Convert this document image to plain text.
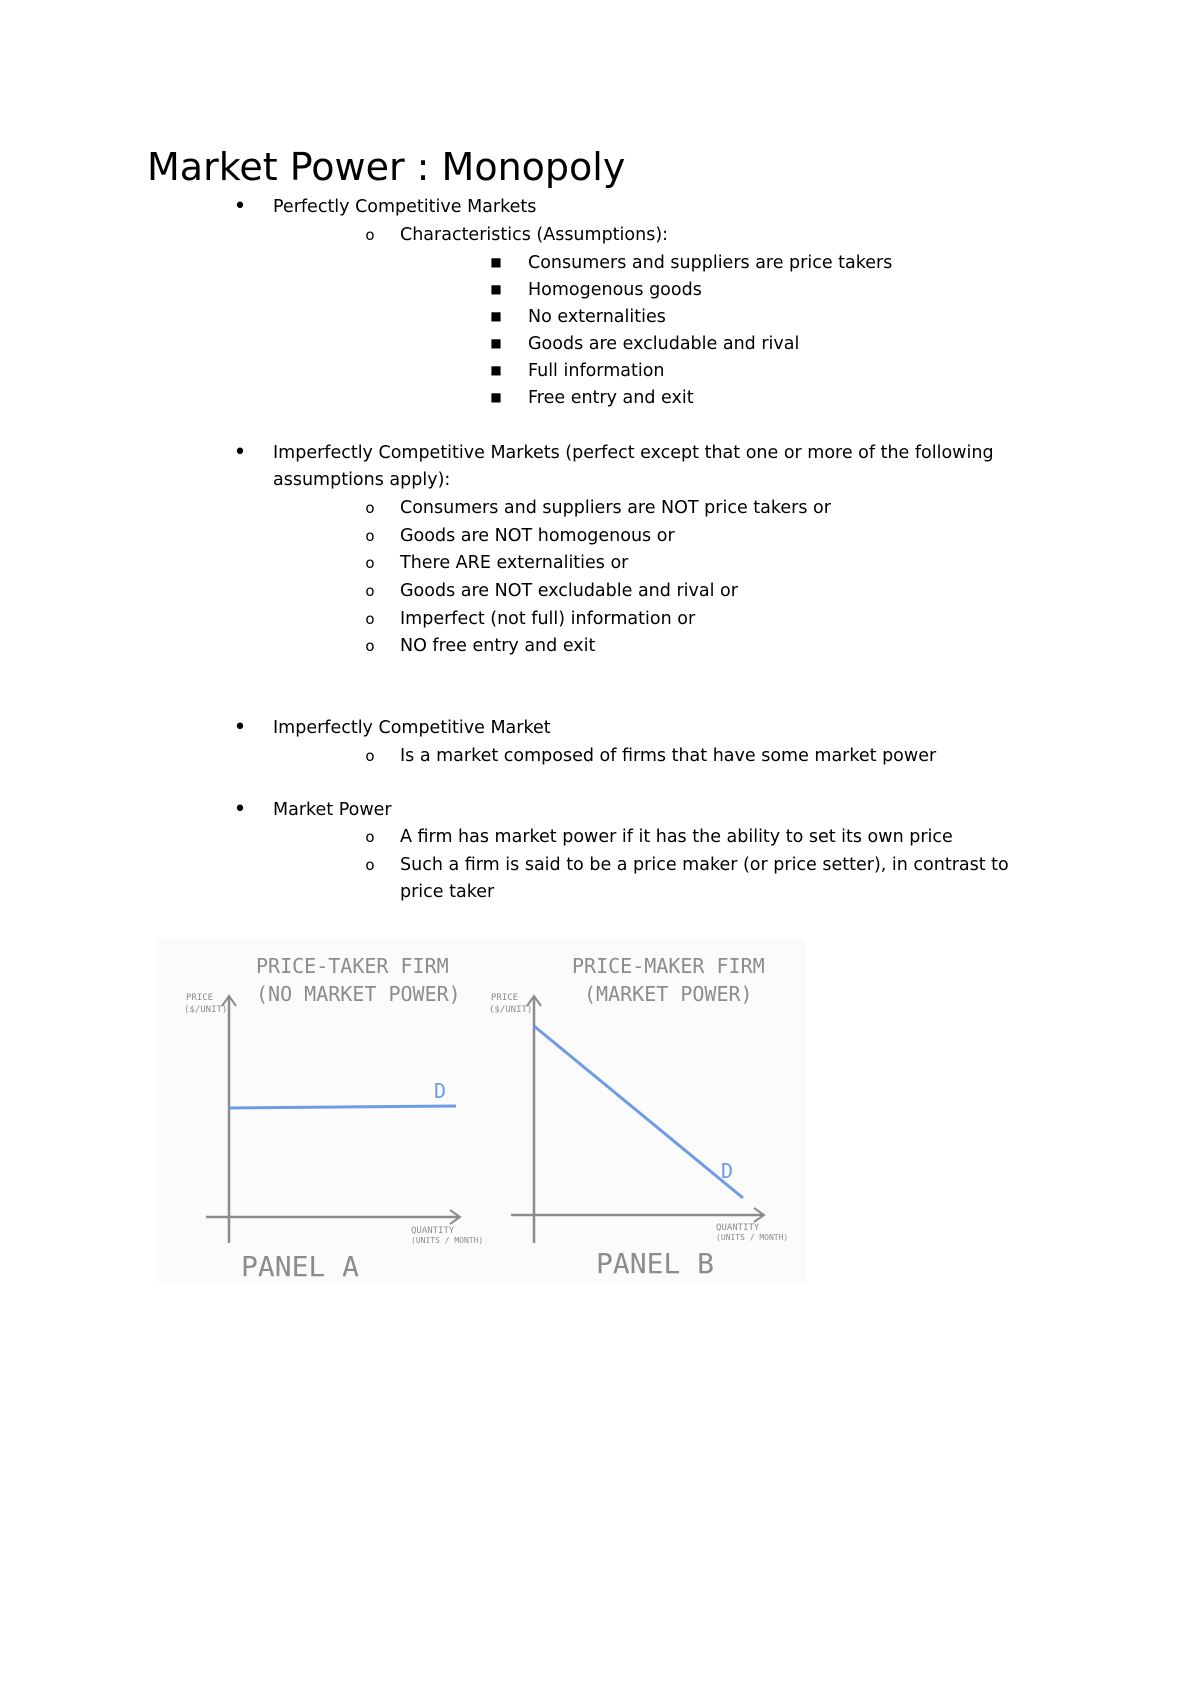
Market Power : Monopoly
• Perfectly Competitive Markets
o	Characteristics (Assumptions):
■ Consumers and suppliers are price takers
■ Homogenous goods
■ No externalities
■ Goods are excludable and rival
■ Full information
■ Free entry and exit
• Imperfectly Competitive Markets (perfect except that one or more of the following
assumptions apply):
o	Consumers and suppliers are NOT price takers or
o	Goods are NOT homogenous or
o	There ARE externalities or
o	Goods are NOT excludable and rival or
o	Imperfect (not full) information or
o	NO free entry and exit
• Imperfectly Competitive Market
o	Is a market composed of firms that have some market power
• Market Power
o	A firm has market power if it has the ability to set its own price
o	Such a firm is said to be a price maker (or price setter), in contrast to
price taker
PRICE-TAKER FIRM
(NO MARKET POWER)
PRICE
($/UNIT)
QUANTITY
(UNITS / MONTH)
D
PANEL A
PRICE-MAKER FIRM
(MARKET POWER)
PRICE
($/UNIT)
QUANTITY
(UNITS / MONTH)
D
PANEL B
